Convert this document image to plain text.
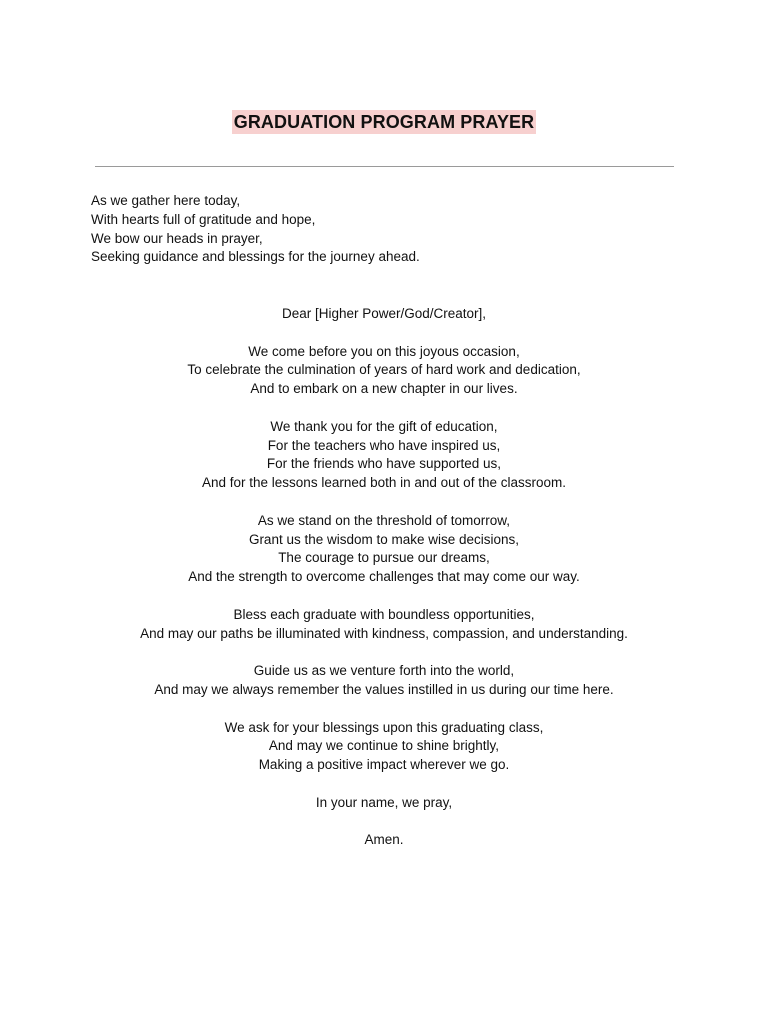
GRADUATION PROGRAM PRAYER
As we gather here today,
With hearts full of gratitude and hope,
We bow our heads in prayer,
Seeking guidance and blessings for the journey ahead.
Dear [Higher Power/God/Creator],
We come before you on this joyous occasion,
To celebrate the culmination of years of hard work and dedication,
And to embark on a new chapter in our lives.
We thank you for the gift of education,
For the teachers who have inspired us,
For the friends who have supported us,
And for the lessons learned both in and out of the classroom.
As we stand on the threshold of tomorrow,
Grant us the wisdom to make wise decisions,
The courage to pursue our dreams,
And the strength to overcome challenges that may come our way.
Bless each graduate with boundless opportunities,
And may our paths be illuminated with kindness, compassion, and understanding.
Guide us as we venture forth into the world,
And may we always remember the values instilled in us during our time here.
We ask for your blessings upon this graduating class,
And may we continue to shine brightly,
Making a positive impact wherever we go.
In your name, we pray,
Amen.
